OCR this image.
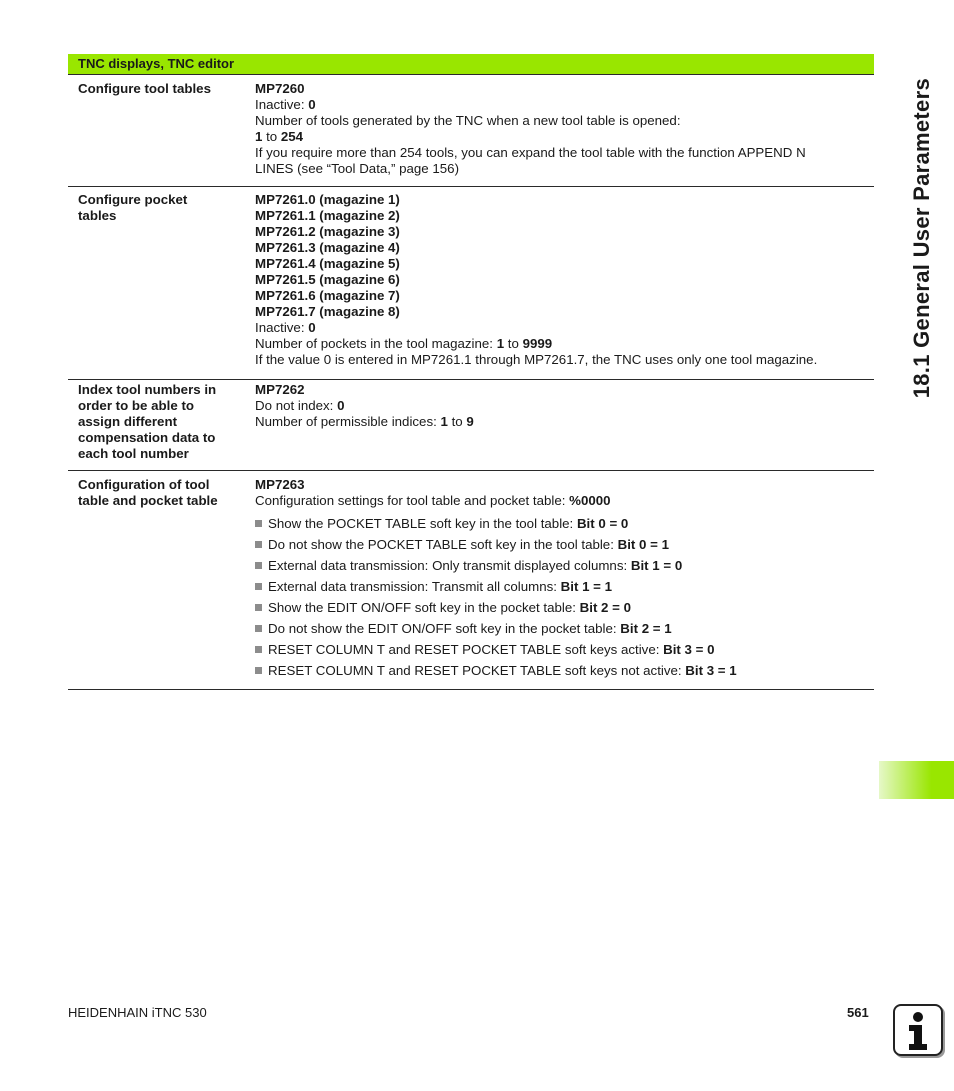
TNC displays, TNC editor
Configure tool tables	MP7260
Inactive: 0
Number of tools generated by the TNC when a new tool table is opened:
1 to 254
If you require more than 254 tools, you can expand the tool table with the function APPEND N
LINES (see “Tool Data,” page 156)
Configure pocket tables
MP7261.0 (magazine 1)
MP7261.1 (magazine 2)
MP7261.2 (magazine 3)
MP7261.3 (magazine 4)
MP7261.4 (magazine 5)
MP7261.5 (magazine 6)
MP7261.6 (magazine 7)
MP7261.7 (magazine 8)
Inactive: 0
Number of pockets in the tool magazine: 1 to 9999
If the value 0 is entered in MP7261.1 through MP7261.7, the TNC uses only one tool magazine.
Index tool numbers in order to be able to assign different compensation data to each tool number
MP7262
Do not index: 0
Number of permissible indices: 1 to 9
Configuration of tool table and pocket table
MP7263
Configuration settings for tool table and pocket table: %0000
Show the POCKET TABLE soft key in the tool table: Bit 0 = 0
Do not show the POCKET TABLE soft key in the tool table: Bit 0 = 1
External data transmission: Only transmit displayed columns: Bit 1 = 0
External data transmission: Transmit all columns: Bit 1 = 1
Show the EDIT ON/OFF soft key in the pocket table: Bit 2 = 0
Do not show the EDIT ON/OFF soft key in the pocket table: Bit 2 = 1
RESET COLUMN T and RESET POCKET TABLE soft keys active: Bit 3 = 0
RESET COLUMN T and RESET POCKET TABLE soft keys not active: Bit 3 = 1
18.1 General User Parameters
HEIDENHAIN iTNC 530	561
